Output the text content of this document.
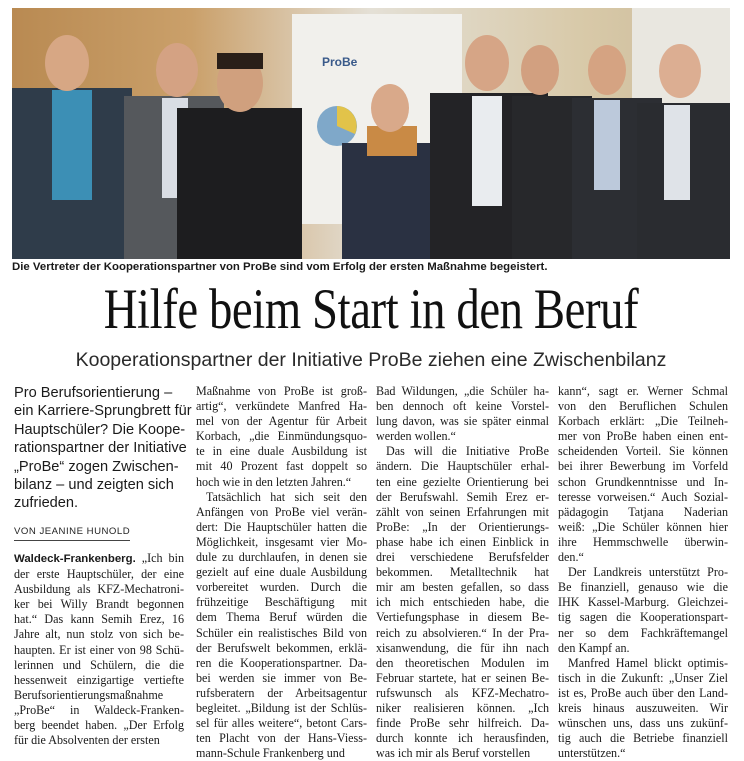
ProBe
Die Vertreter der Kooperationspartner von ProBe sind vom Erfolg der ersten Maßnahme begeistert.
Hilfe beim Start in den Beruf
Kooperationspartner der Initiative ProBe ziehen eine Zwischenbilanz
Pro Berufsorientierung –
ein Karriere-Sprungbrett für
Hauptschüler? Die Koope-
rationspartner der Initiative
„ProBe“ zogen Zwischen-
bilanz – und zeigten sich
zufrieden.
VON JEANINE HUNOLD
Waldeck-Frankenberg. „Ich bin
der erste Hauptschüler, der eine
Ausbildung als KFZ-Mechatroni-
ker bei Willy Brandt begonnen
hat.“ Das kann Semih Erez, 16
Jahre alt, nun stolz von sich be-
haupten. Er ist einer von 98 Schü-
lerinnen und Schülern, die die
hessenweit einzigartige vertiefte
Berufsorientierungsmaßnahme
„ProBe“ in Waldeck-Franken-
berg beendet haben. „Der Erfolg
für die Absolventen der ersten
Maßnahme von ProBe ist groß-
artig“, verkündete Manfred Ha-
mel von der Agentur für Arbeit
Korbach, „die Einmündungsquo-
te in eine duale Ausbildung ist
mit 40 Prozent fast doppelt so
hoch wie in den letzten Jahren.“
Tatsächlich hat sich seit den
Anfängen von ProBe viel verän-
dert: Die Hauptschüler hatten die
Möglichkeit, insgesamt vier Mo-
dule zu durchlaufen, in denen sie
gezielt auf eine duale Ausbildung
vorbereitet wurden. Durch die
frühzeitige Beschäftigung mit
dem Thema Beruf würden die
Schüler ein realistisches Bild von
der Berufswelt bekommen, erklä-
ren die Kooperationspartner. Da-
bei werden sie immer von Be-
rufsberatern der Arbeitsagentur
begleitet. „Bildung ist der Schlüs-
sel für alles weitere“, betont Cars-
ten Placht von der Hans-Viess-
mann-Schule Frankenberg und
Bad Wildungen, „die Schüler ha-
ben dennoch oft keine Vorstel-
lung davon, was sie später einmal
werden wollen.“
Das will die Initiative ProBe
ändern. Die Hauptschüler erhal-
ten eine gezielte Orientierung bei
der Berufswahl. Semih Erez er-
zählt von seinen Erfahrungen mit
ProBe: „In der Orientierungs-
phase habe ich einen Einblick in
drei verschiedene Berufsfelder
bekommen. Metalltechnik hat
mir am besten gefallen, so dass
ich mich entschieden habe, die
Vertiefungsphase in diesem Be-
reich zu absolvieren.“ In der Pra-
xisanwendung, die für ihn nach
den theoretischen Modulen im
Februar startete, hat er seinen Be-
rufswunsch als KFZ-Mechatro-
niker realisieren können. „Ich
finde ProBe sehr hilfreich. Da-
durch konnte ich herausfinden,
was ich mir als Beruf vorstellen
kann“, sagt er. Werner Schmal
von den Beruflichen Schulen
Korbach erklärt: „Die Teilneh-
mer von ProBe haben einen ent-
scheidenden Vorteil. Sie können
bei ihrer Bewerbung im Vorfeld
schon Grundkenntnisse und In-
teresse vorweisen.“ Auch Sozial-
pädagogin Tatjana Naderian
weiß: „Die Schüler können hier
ihre Hemmschwelle überwin-
den.“
Der Landkreis unterstützt Pro-
Be finanziell, genauso wie die
IHK Kassel-Marburg. Gleichzei-
tig sagen die Kooperationspart-
ner so dem Fachkräftemangel
den Kampf an.
Manfred Hamel blickt optimis-
tisch in die Zukunft: „Unser Ziel
ist es, ProBe auch über den Land-
kreis hinaus auszuweiten. Wir
wünschen uns, dass uns zukünf-
tig auch die Betriebe finanziell
unterstützen.“
